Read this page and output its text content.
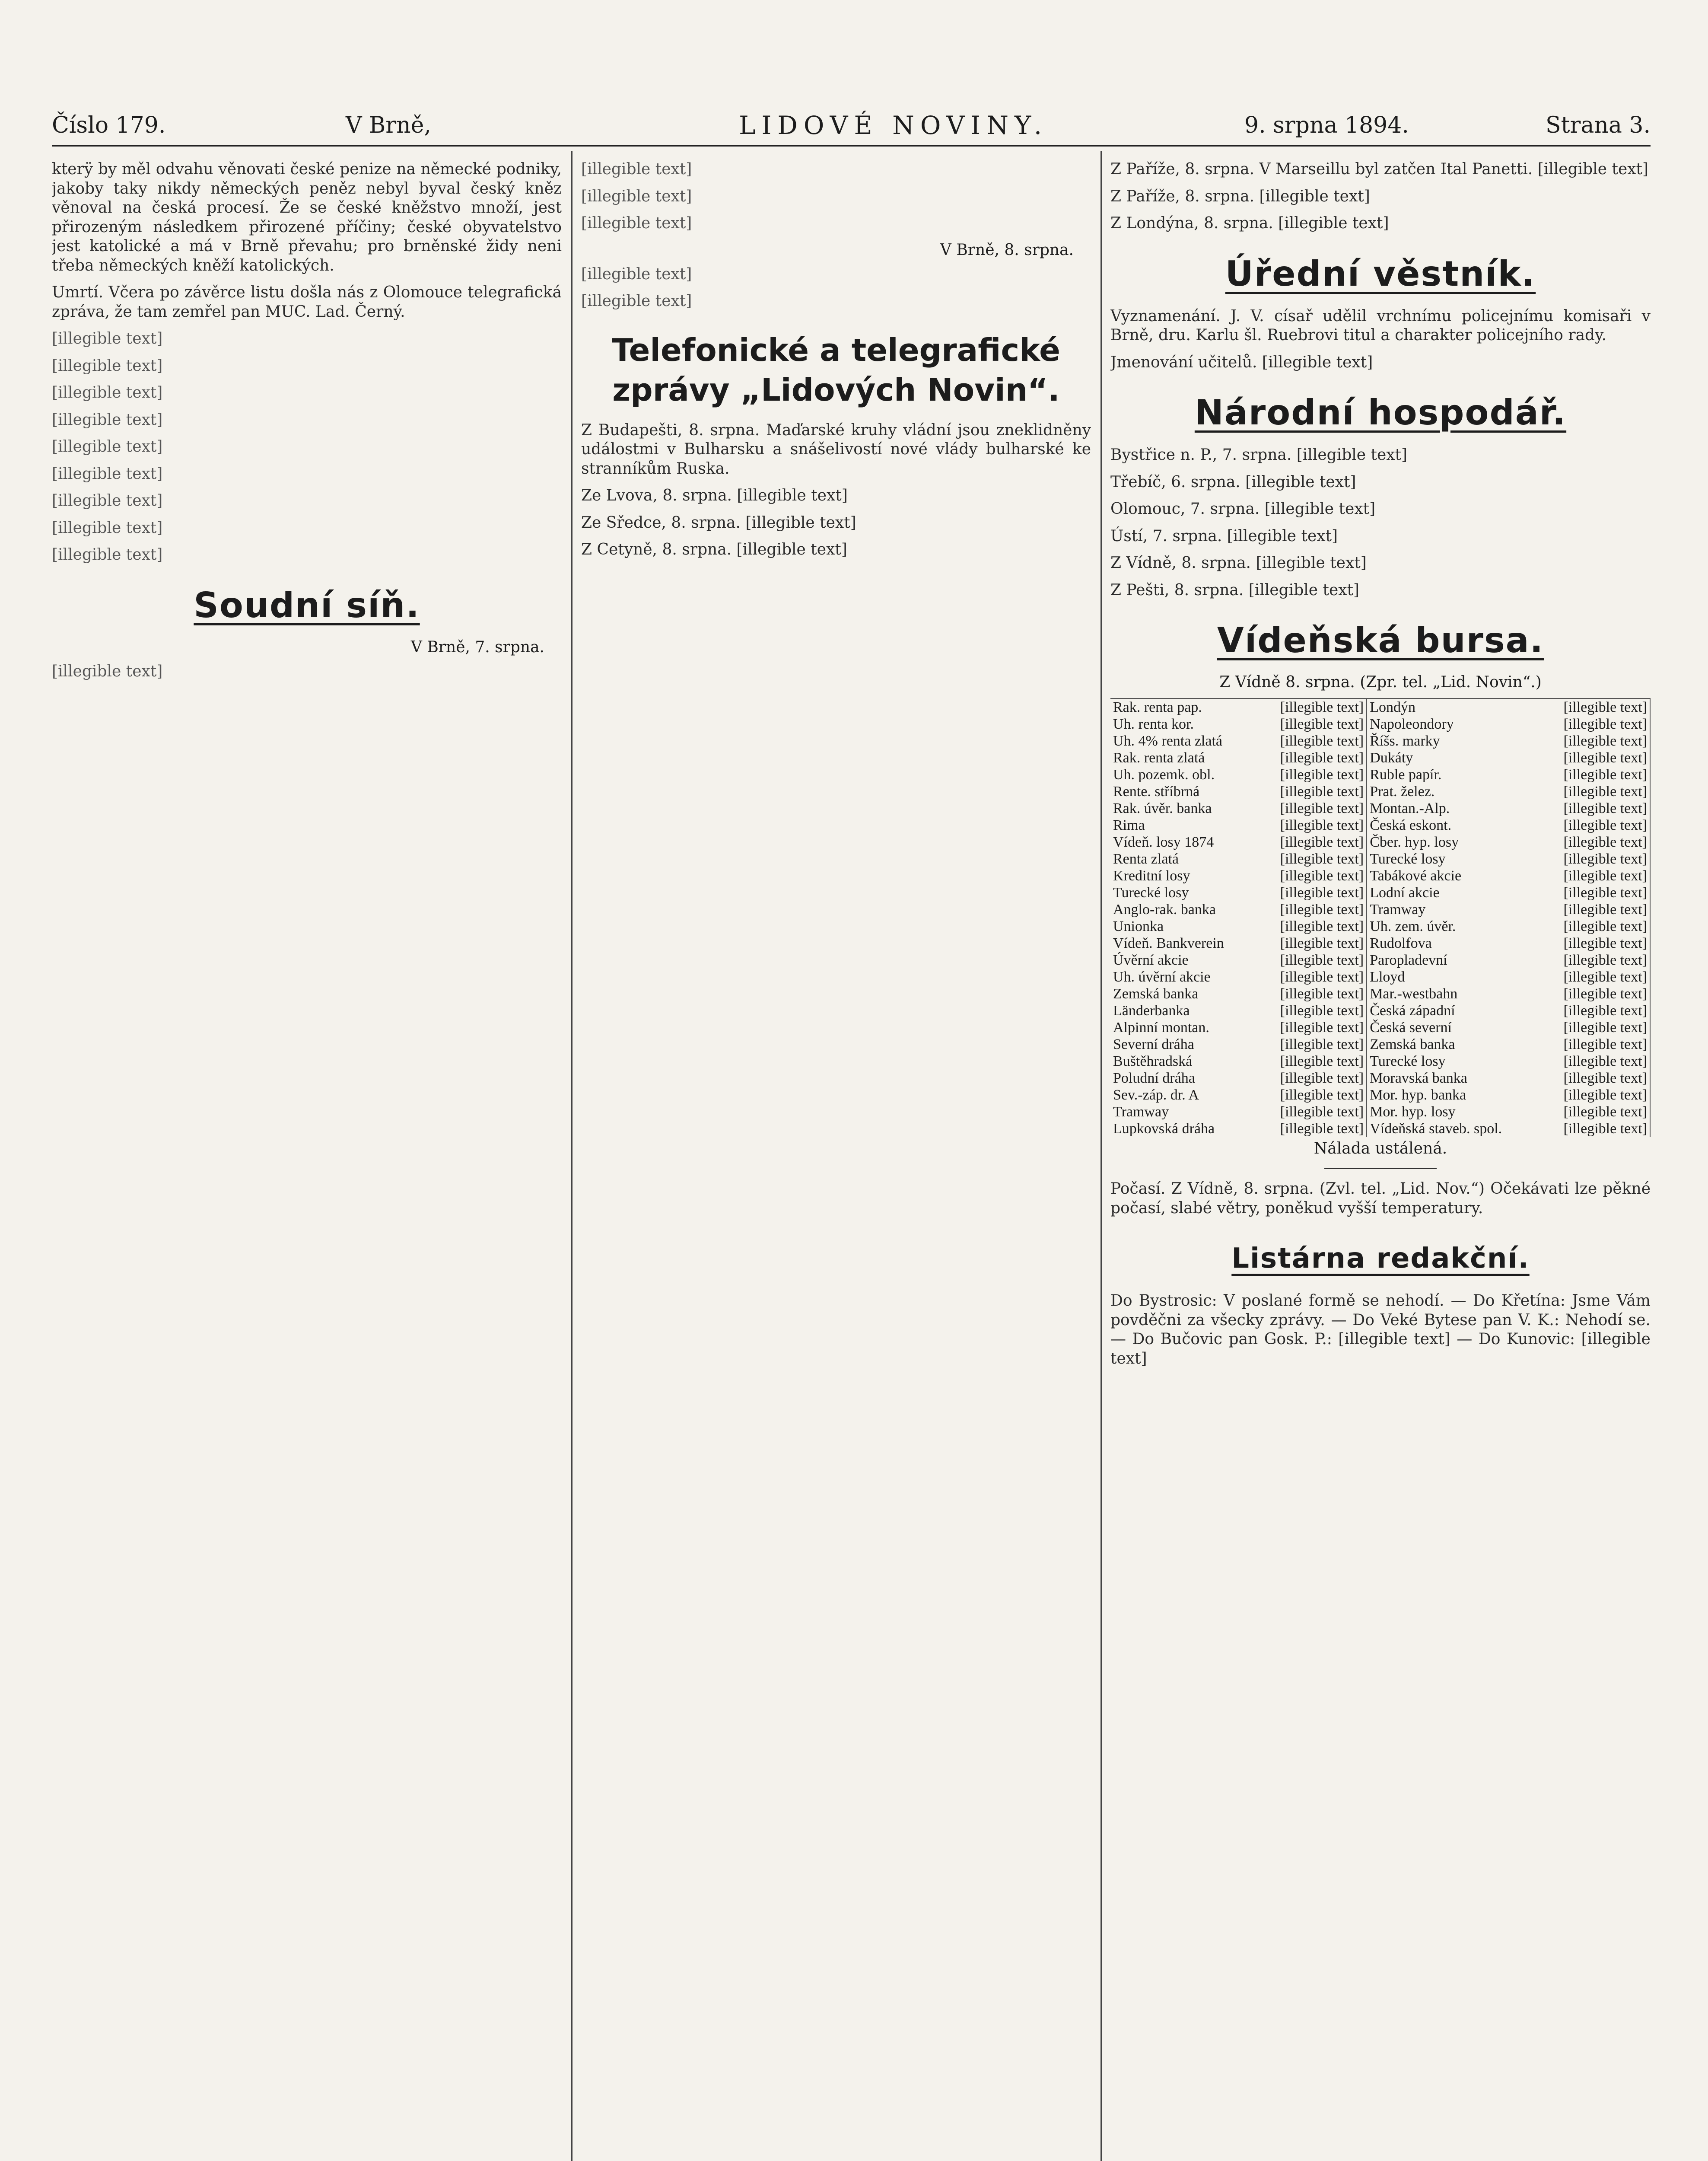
Číslo 179.	V Brně,	LIDOVÉ NOVINY.	9. srpna 1894.	Strana 3.

kterÿ by měl odvahu věnovati české penize na německé podniky, jakoby taky nikdy německých peněz nebyl byval český kněz věnoval na česká procesí. Že se české kněžstvo množí, jest přirozeným následkem přirozené příčiny; české obyvatelstvo jest katolické a má v Brně převahu; pro brněnské židy neni třeba německých kněží katolických.

Umrtí. Včera po závěrce listu došla nás z Olomouce telegrafická zpráva, že tam zemřel pan MUC. Lad. Černý.

[illegible text]

[illegible text]

[illegible text]

[illegible text]

[illegible text]

[illegible text]

[illegible text]

[illegible text]

[illegible text]

Soudní síň.
V Brně, 7. srpna.

[illegible text]

[illegible text]

[illegible text]

[illegible text]

V Brně, 8. srpna.

[illegible text]

[illegible text]

Telefonické a telegrafické zprávy „Lidových Novin“.

Z Budapešti, 8. srpna. Maďarské kruhy vládní jsou zneklidněny událostmi v Bulharsku a snášelivostí nové vlády bulharské ke stranníkům Ruska.

Ze Lvova, 8. srpna. [illegible text]

Ze Sředce, 8. srpna. [illegible text]

Z Cetyně, 8. srpna. [illegible text]

Z Paříže, 8. srpna. V Marseillu byl zatčen Ital Panetti. [illegible text]

Z Paříže, 8. srpna. [illegible text]

Z Londýna, 8. srpna. [illegible text]

Úřední věstník.

Vyznamenání. J. V. císař udělil vrchnímu policejnímu komisaři v Brně, dru. Karlu šl. Ruebrovi titul a charakter policejního rady.

Jmenování učitelů. [illegible text]

Národní hospodář.

Bystřice n. P., 7. srpna. [illegible text]

Třebíč, 6. srpna. [illegible text]

Olomouc, 7. srpna. [illegible text]

Ústí, 7. srpna. [illegible text]

Z Vídně, 8. srpna. [illegible text]

Z Pešti, 8. srpna. [illegible text]

Vídeňská bursa.
Z Vídně 8. srpna. (Zpr. tel. „Lid. Novin“.)
Rak. renta pap.	[illegible text]	Londýn	[illegible text]
Uh. renta kor.	[illegible text]	Napoleondory	[illegible text]
Uh. 4% renta zlatá	[illegible text]	Říšs. marky	[illegible text]
Rak. renta zlatá	[illegible text]	Dukáty	[illegible text]
Uh. pozemk. obl.	[illegible text]	Ruble papír.	[illegible text]
Rente. stříbrná	[illegible text]	Prat. želez.	[illegible text]
Rak. úvěr. banka	[illegible text]	Montan.-Alp.	[illegible text]
Rima	[illegible text]	Česká eskont.	[illegible text]
Vídeň. losy 1874	[illegible text]	Čber. hyp. losy	[illegible text]
Renta zlatá	[illegible text]	Turecké losy	[illegible text]
Kreditní losy	[illegible text]	Tabákové akcie	[illegible text]
Turecké losy	[illegible text]	Lodní akcie	[illegible text]
Anglo-rak. banka	[illegible text]	Tramway	[illegible text]
Unionka	[illegible text]	Uh. zem. úvěr.	[illegible text]
Vídeň. Bankverein	[illegible text]	Rudolfova	[illegible text]
Úvěrní akcie	[illegible text]	Paropladevní	[illegible text]
Uh. úvěrní akcie	[illegible text]	Lloyd	[illegible text]
Zemská banka	[illegible text]	Mar.-westbahn	[illegible text]
Länderbanka	[illegible text]	Česká západní	[illegible text]
Alpinní montan.	[illegible text]	Česká severní	[illegible text]
Severní dráha	[illegible text]	Zemská banka	[illegible text]
Buštěhradská	[illegible text]	Turecké losy	[illegible text]
Poludní dráha	[illegible text]	Moravská banka	[illegible text]
Sev.-záp. dr. A	[illegible text]	Mor. hyp. banka	[illegible text]
Tramway	[illegible text]	Mor. hyp. losy	[illegible text]
Lupkovská dráha	[illegible text]	Vídeňská staveb. spol.	[illegible text]
Nálada ustálená.

Počasí. Z Vídně, 8. srpna. (Zvl. tel. „Lid. Nov.“) Očekávati lze pěkné počasí, slabé větry, poněkud vyšší temperatury.

Listárna redakční.

Do Bystrosic: V poslané formě se nehodí. — Do Křetína: Jsme Vám povděčni za všecky zprávy. — Do Veké Bytese pan V. K.: Nehodí se. — Do Bučovic pan Gosk. P.: [illegible text] — Do Kunovic: [illegible text]
